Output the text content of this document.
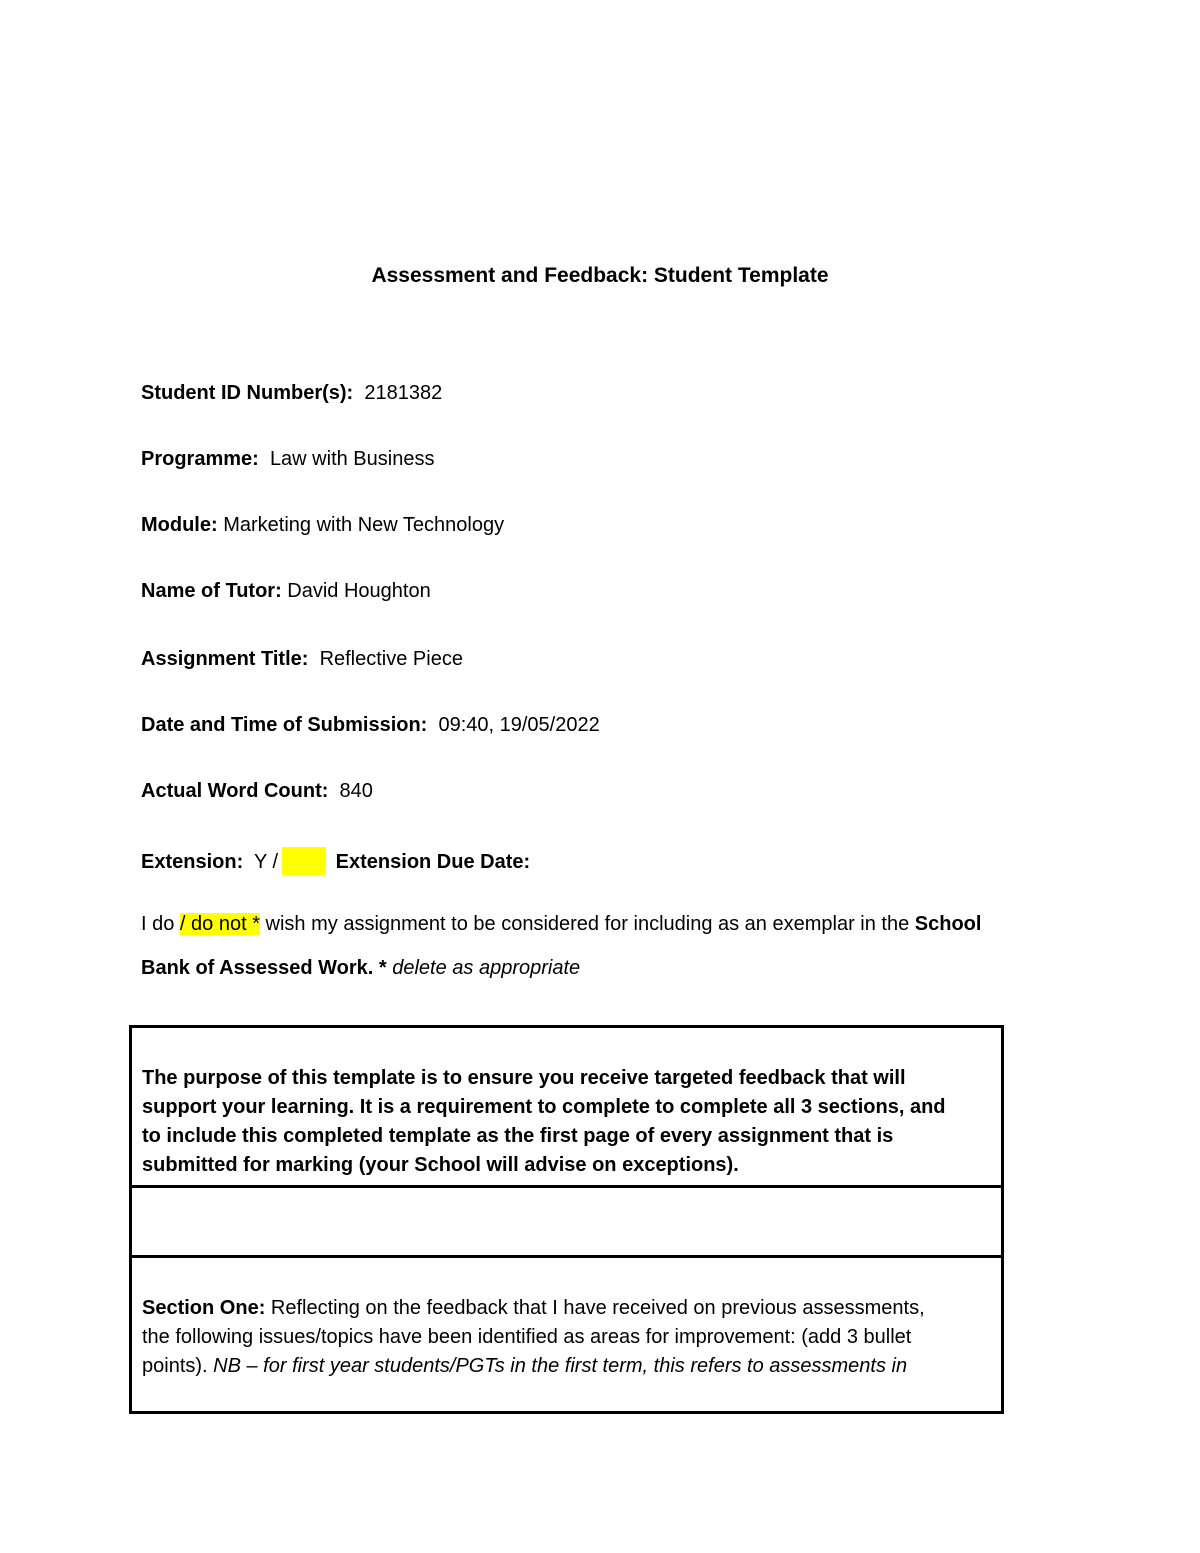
Assessment and Feedback: Student Template
Student ID Number(s): 2181382
Programme: Law with Business
Module: Marketing with New Technology
Name of Tutor: David Houghton
Assignment Title: Reflective Piece
Date and Time of Submission: 09:40, 19/05/2022
Actual Word Count: 840
Extension: Y /	Extension Due Date:
I do / do not * wish my assignment to be considered for including as an exemplar in the School
Bank of Assessed Work. * delete as appropriate
The purpose of this template is to ensure you receive targeted feedback that will
support your learning. It is a requirement to complete to complete all 3 sections, and
to include this completed template as the first page of every assignment that is
submitted for marking (your School will advise on exceptions).
Section One: Reflecting on the feedback that I have received on previous assessments,
the following issues/topics have been identified as areas for improvement: (add 3 bullet
points). NB – for first year students/PGTs in the first term, this refers to assessments in
